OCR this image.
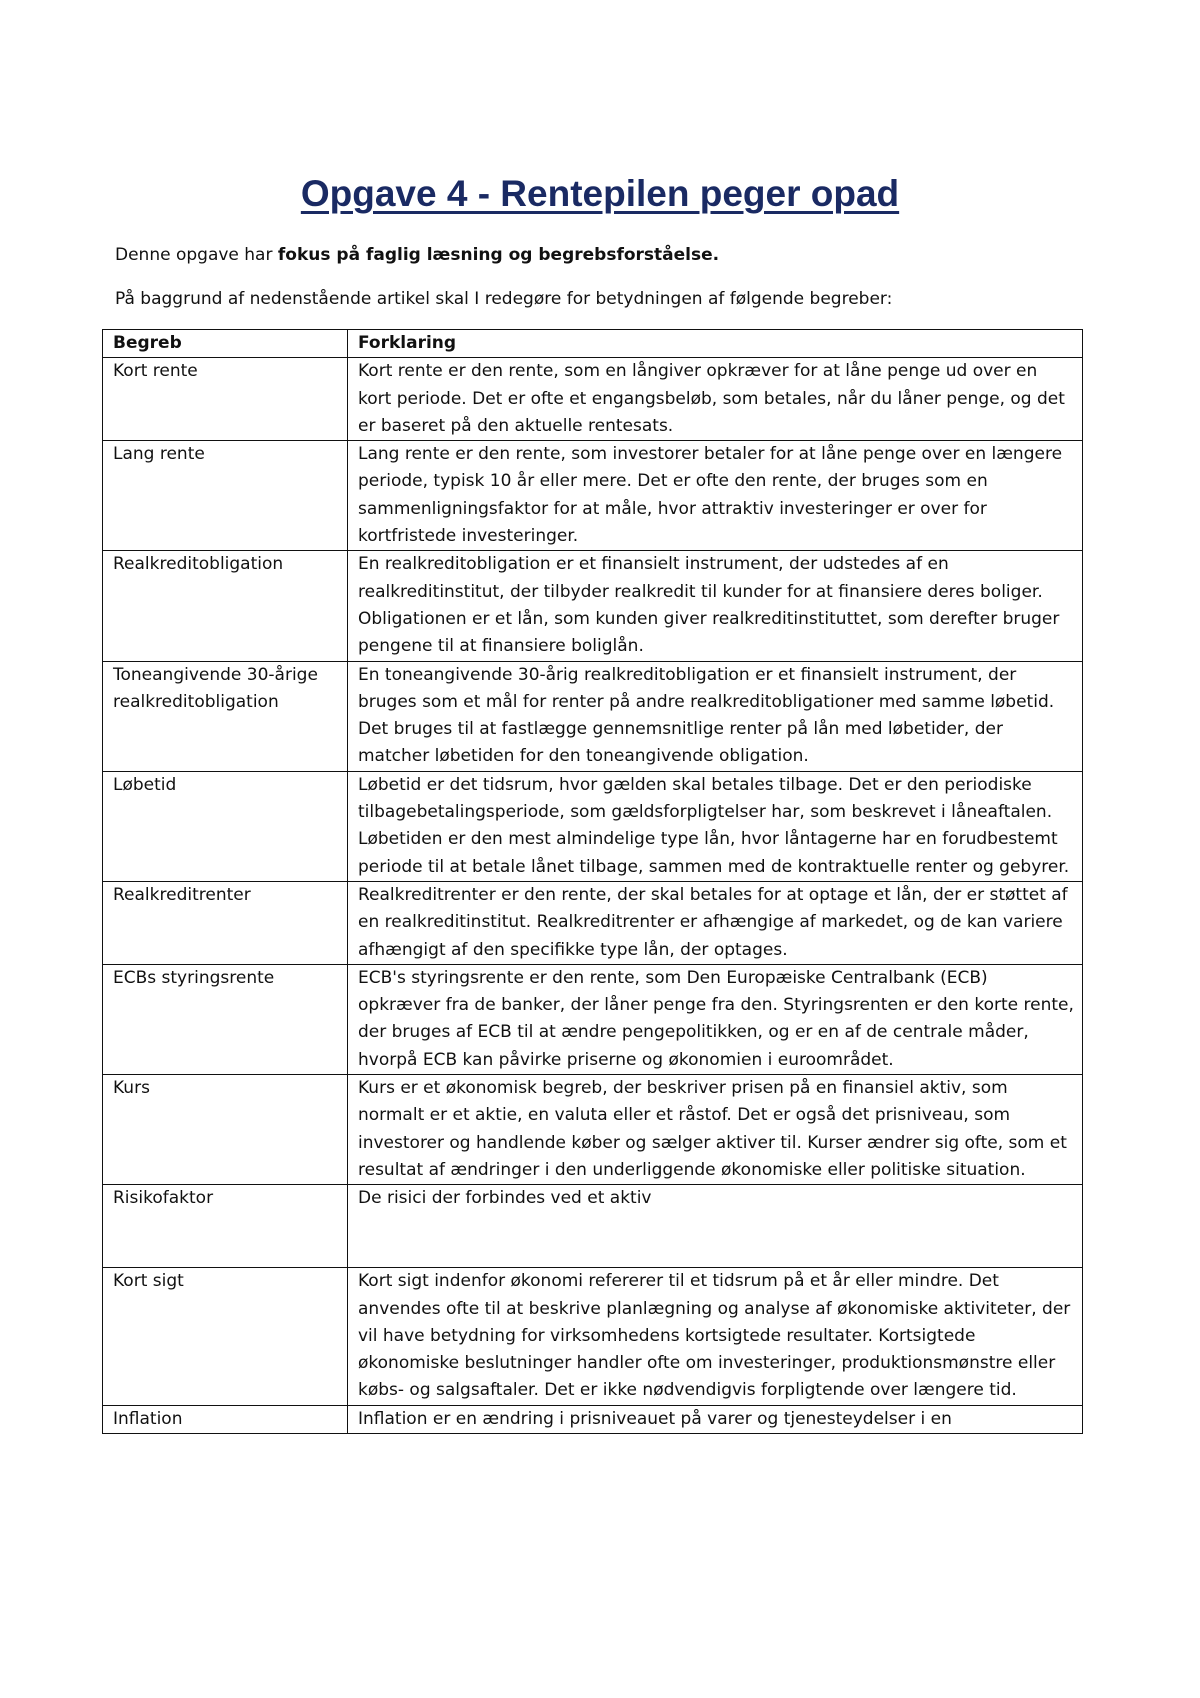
Opgave 4 - Rentepilen peger opad

Denne opgave har fokus på faglig læsning og begrebsforståelse.

På baggrund af nedenstående artikel skal I redegøre for betydningen af følgende begreber:

Begreb	Forklaring
Kort rente	Kort rente er den rente, som en långiver opkræver for at låne penge ud over en kort periode. Det er ofte et engangsbeløb, som betales, når du låner penge, og det er baseret på den aktuelle rentesats.
Lang rente	Lang rente er den rente, som investorer betaler for at låne penge over en længere periode, typisk 10 år eller mere. Det er ofte den rente, der bruges som en sammenligningsfaktor for at måle, hvor attraktiv investeringer er over for kortfristede investeringer.
Realkreditobligation	En realkreditobligation er et finansielt instrument, der udstedes af en realkreditinstitut, der tilbyder realkredit til kunder for at finansiere deres boliger. Obligationen er et lån, som kunden giver realkreditinstituttet, som derefter bruger pengene til at finansiere boliglån.
Toneangivende 30-årige realkreditobligation	En toneangivende 30-årig realkreditobligation er et finansielt instrument, der bruges som et mål for renter på andre realkreditobligationer med samme løbetid. Det bruges til at fastlægge gennemsnitlige renter på lån med løbetider, der matcher løbetiden for den toneangivende obligation.
Løbetid	Løbetid er det tidsrum, hvor gælden skal betales tilbage. Det er den periodiske tilbagebetalingsperiode, som gældsforpligtelser har, som beskrevet i låneaftalen. Løbetiden er den mest almindelige type lån, hvor låntagerne har en forudbestemt periode til at betale lånet tilbage, sammen med de kontraktuelle renter og gebyrer.
Realkreditrenter	Realkreditrenter er den rente, der skal betales for at optage et lån, der er støttet af en realkreditinstitut. Realkreditrenter er afhængige af markedet, og de kan variere afhængigt af den specifikke type lån, der optages.
ECBs styringsrente	ECB's styringsrente er den rente, som Den Europæiske Centralbank (ECB) opkræver fra de banker, der låner penge fra den. Styringsrenten er den korte rente, der bruges af ECB til at ændre pengepolitikken, og er en af de centrale måder, hvorpå ECB kan påvirke priserne og økonomien i euroområdet.
Kurs	Kurs er et økonomisk begreb, der beskriver prisen på en finansiel aktiv, som normalt er et aktie, en valuta eller et råstof. Det er også det prisniveau, som investorer og handlende køber og sælger aktiver til. Kurser ændrer sig ofte, som et resultat af ændringer i den underliggende økonomiske eller politiske situation.
Risikofaktor	De risici der forbindes ved et aktiv
Kort sigt	Kort sigt indenfor økonomi refererer til et tidsrum på et år eller mindre. Det anvendes ofte til at beskrive planlægning og analyse af økonomiske aktiviteter, der vil have betydning for virksomhedens kortsigtede resultater. Kortsigtede økonomiske beslutninger handler ofte om investeringer, produktionsmønstre eller købs- og salgsaftaler. Det er ikke nødvendigvis forpligtende over længere tid.
Inflation	Inflation er en ændring i prisniveauet på varer og tjenesteydelser i en
